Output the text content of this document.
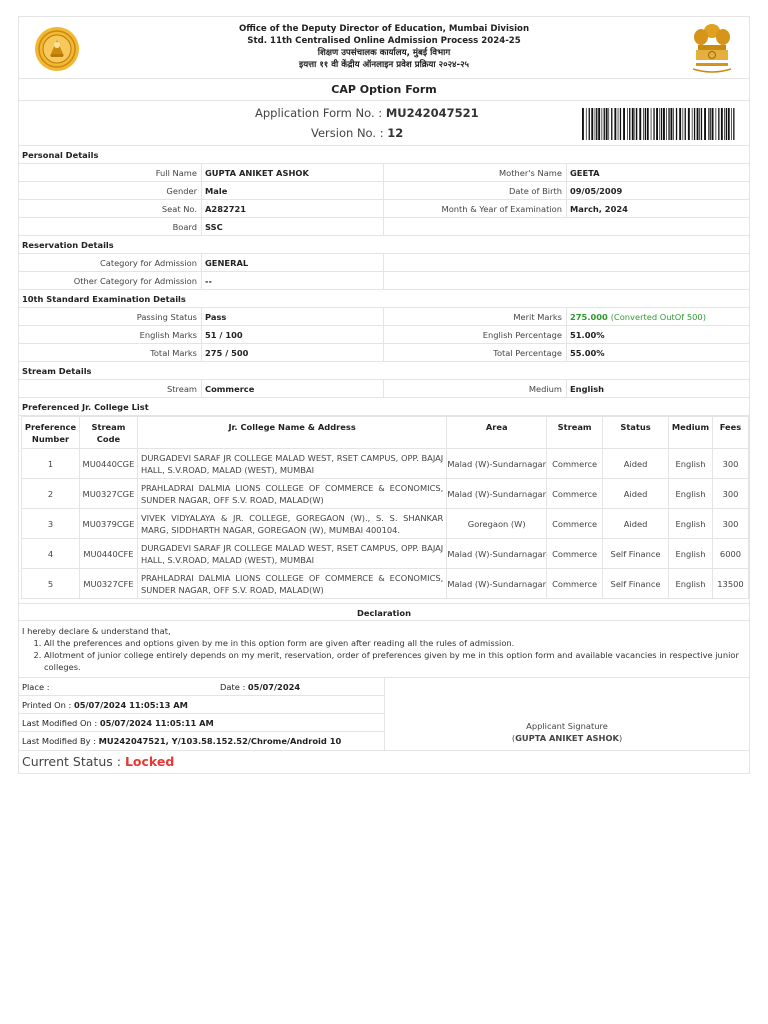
Office of the Deputy Director of Education, Mumbai Division
Std. 11th Centralised Online Admission Process 2024-25
शिक्षण उपसंचालक कार्यालय, मुंबई विभाग
इयत्ता ११ वी केंद्रीय ऑनलाइन प्रवेश प्रक्रिया २०२४-२५
CAP Option Form
Application Form No. : MU242047521
Version No. : 12
Personal Details
Full Name GUPTA ANIKET ASHOK	Mother's Name GEETA
Gender Male	Date of Birth 09/05/2009
Seat No. A282721	Month & Year of Examination March, 2024
Board SSC
Reservation Details
Category for Admission GENERAL
Other Category for Admission --
10th Standard Examination Details
Passing Status Pass	Merit Marks 275.000 (Converted OutOf 500)
English Marks 51 / 100	English Percentage 51.00%
Total Marks 275 / 500	Total Percentage 55.00%
Stream Details
Stream Commerce	Medium English
Preferenced Jr. College List
Preference Number	Stream Code	Jr. College Name & Address	Area	Stream	Status	Medium	Fees
1	MU0440CGE	DURGADEVI SARAF JR COLLEGE MALAD WEST, RSET CAMPUS, OPP. BAJAJ HALL, S.V.ROAD, MALAD (WEST), MUMBAI	Malad (W)-Sundarnagar	Commerce	Aided	English	300
2	MU0327CGE	PRAHLADRAI DALMIA LIONS COLLEGE OF COMMERCE & ECONOMICS, SUNDER NAGAR, OFF S.V. ROAD, MALAD(W)	Malad (W)-Sundarnagar	Commerce	Aided	English	300
3	MU0379CGE	VIVEK VIDYALAYA & JR. COLLEGE, GOREGAON (W)., S. S. SHANKAR MARG, SIDDHARTH NAGAR, GOREGAON (W), MUMBAI 400104.	Goregaon (W)	Commerce	Aided	English	300
4	MU0440CFE	DURGADEVI SARAF JR COLLEGE MALAD WEST, RSET CAMPUS, OPP. BAJAJ HALL, S.V.ROAD, MALAD (WEST), MUMBAI	Malad (W)-Sundarnagar	Commerce	Self Finance	English	6000
5	MU0327CFE	PRAHLADRAI DALMIA LIONS COLLEGE OF COMMERCE & ECONOMICS, SUNDER NAGAR, OFF S.V. ROAD, MALAD(W)	Malad (W)-Sundarnagar	Commerce	Self Finance	English	13500
Declaration
I hereby declare & understand that,
1. All the preferences and options given by me in this option form are given after reading all the rules of admission.
2. Allotment of junior college entirely depends on my merit, reservation, order of preferences given by me in this option form and available vacancies in respective junior colleges.
Place :	Date :
05/07/2024
Printed On :
05/07/2024 11:05:13 AM
Last Modified On :
05/07/2024 11:05:11 AM
Last Modified By :
MU242047521, Y/103.58.152.52/Chrome/Android 10
Applicant Signature
(GUPTA ANIKET ASHOK)
Current Status : Locked
